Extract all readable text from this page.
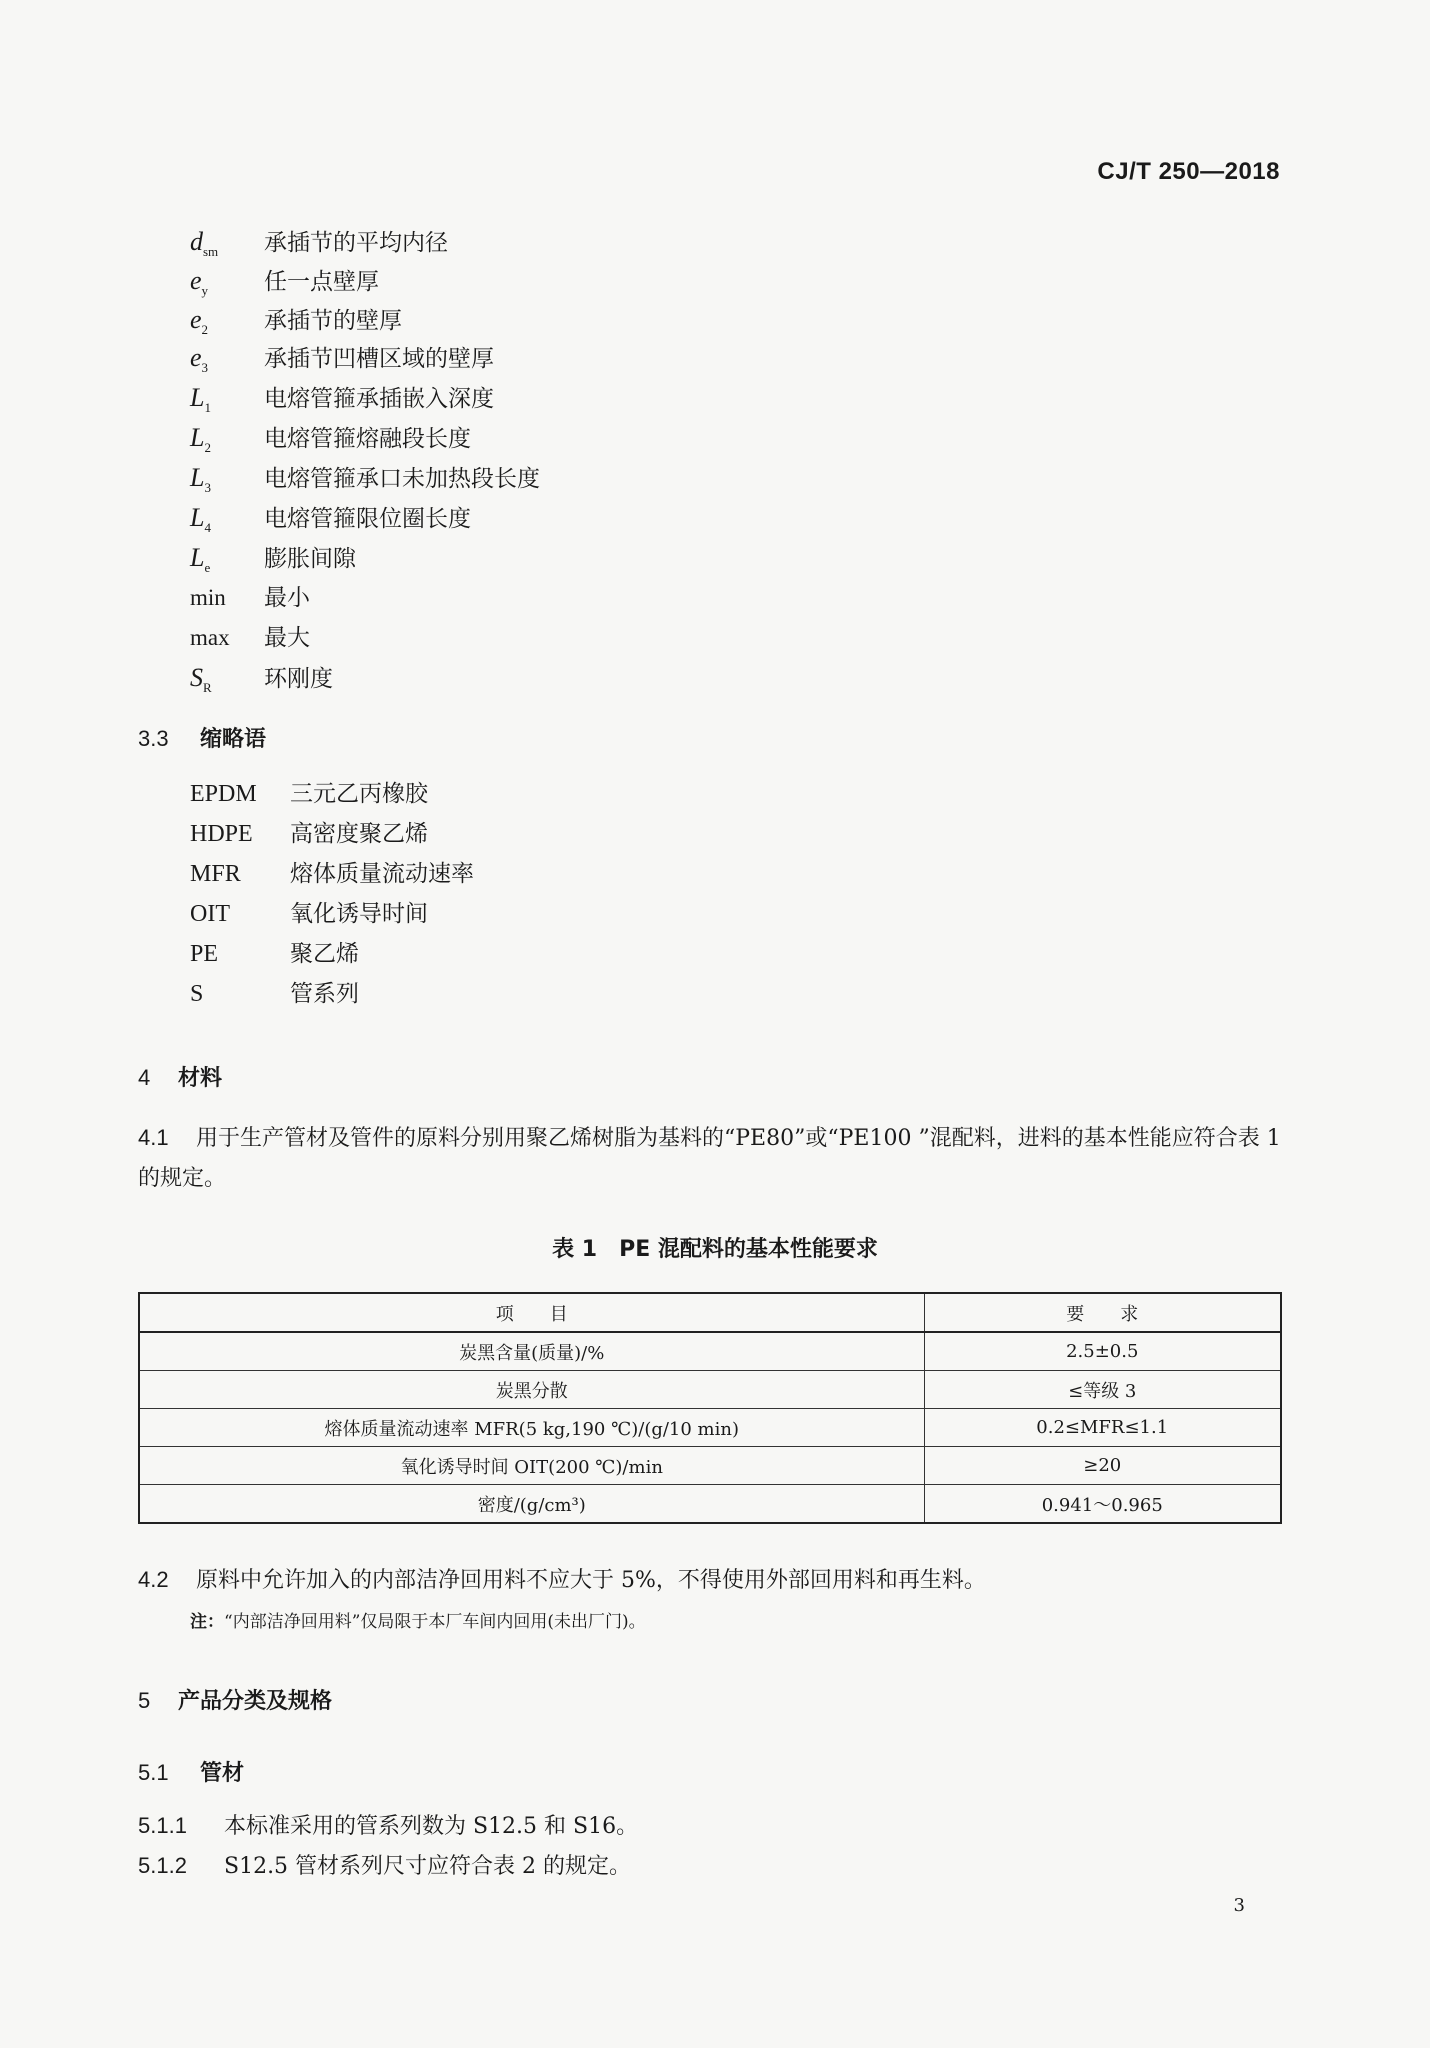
CJ/T 250—2018
$d_{sm}$ 承插节的平均内径
$e_y$ 任一点壁厚
$e_2$ 承插节的壁厚
$e_3$ 承插节凹槽区域的壁厚
$L_1$ 电熔管箍承插嵌入深度
$L_2$ 电熔管箍熔融段长度
$L_3$ 电熔管箍承口未加热段长度
$L_4$ 电熔管箍限位圈长度
$L_e$ 膨胀间隙
min 最小
max 最大
$S_R$ 环刚度
3.3 缩略语
EPDM 三元乙丙橡胶
HDPE 高密度聚乙烯
MFR 熔体质量流动速率
OIT	氧化诱导时间
PE	聚乙烯
S	管系列
4 材料
4.1 用于生产管材及管件的原料分别用聚乙烯树脂为基料的“PE80”或“PE100 ”混配料，进料的基本性能应符合表 1 的规定。
表 1　PE 混配料的基本性能要求
项　　目	要　　求
炭黑含量(质量)/%	2.5±0.5
炭黑分散	≤等级 3
熔体质量流动速率 MFR(5 kg,190 ℃)/(g/10 min)	0.2≤MFR≤1.1
氧化诱导时间 OIT(200 ℃)/min	≥20
密度/(g/cm³)	0.941～0.965
4.2 原料中允许加入的内部洁净回用料不应大于 5%，不得使用外部回用料和再生料。
注：“内部洁净回用料”仅局限于本厂车间内回用(未出厂门)。
5 产品分类及规格
5.1 管材
5.1.1 本标准采用的管系列数为 S12.5 和 S16。
5.1.2 S12.5 管材系列尺寸应符合表 2 的规定。
3
